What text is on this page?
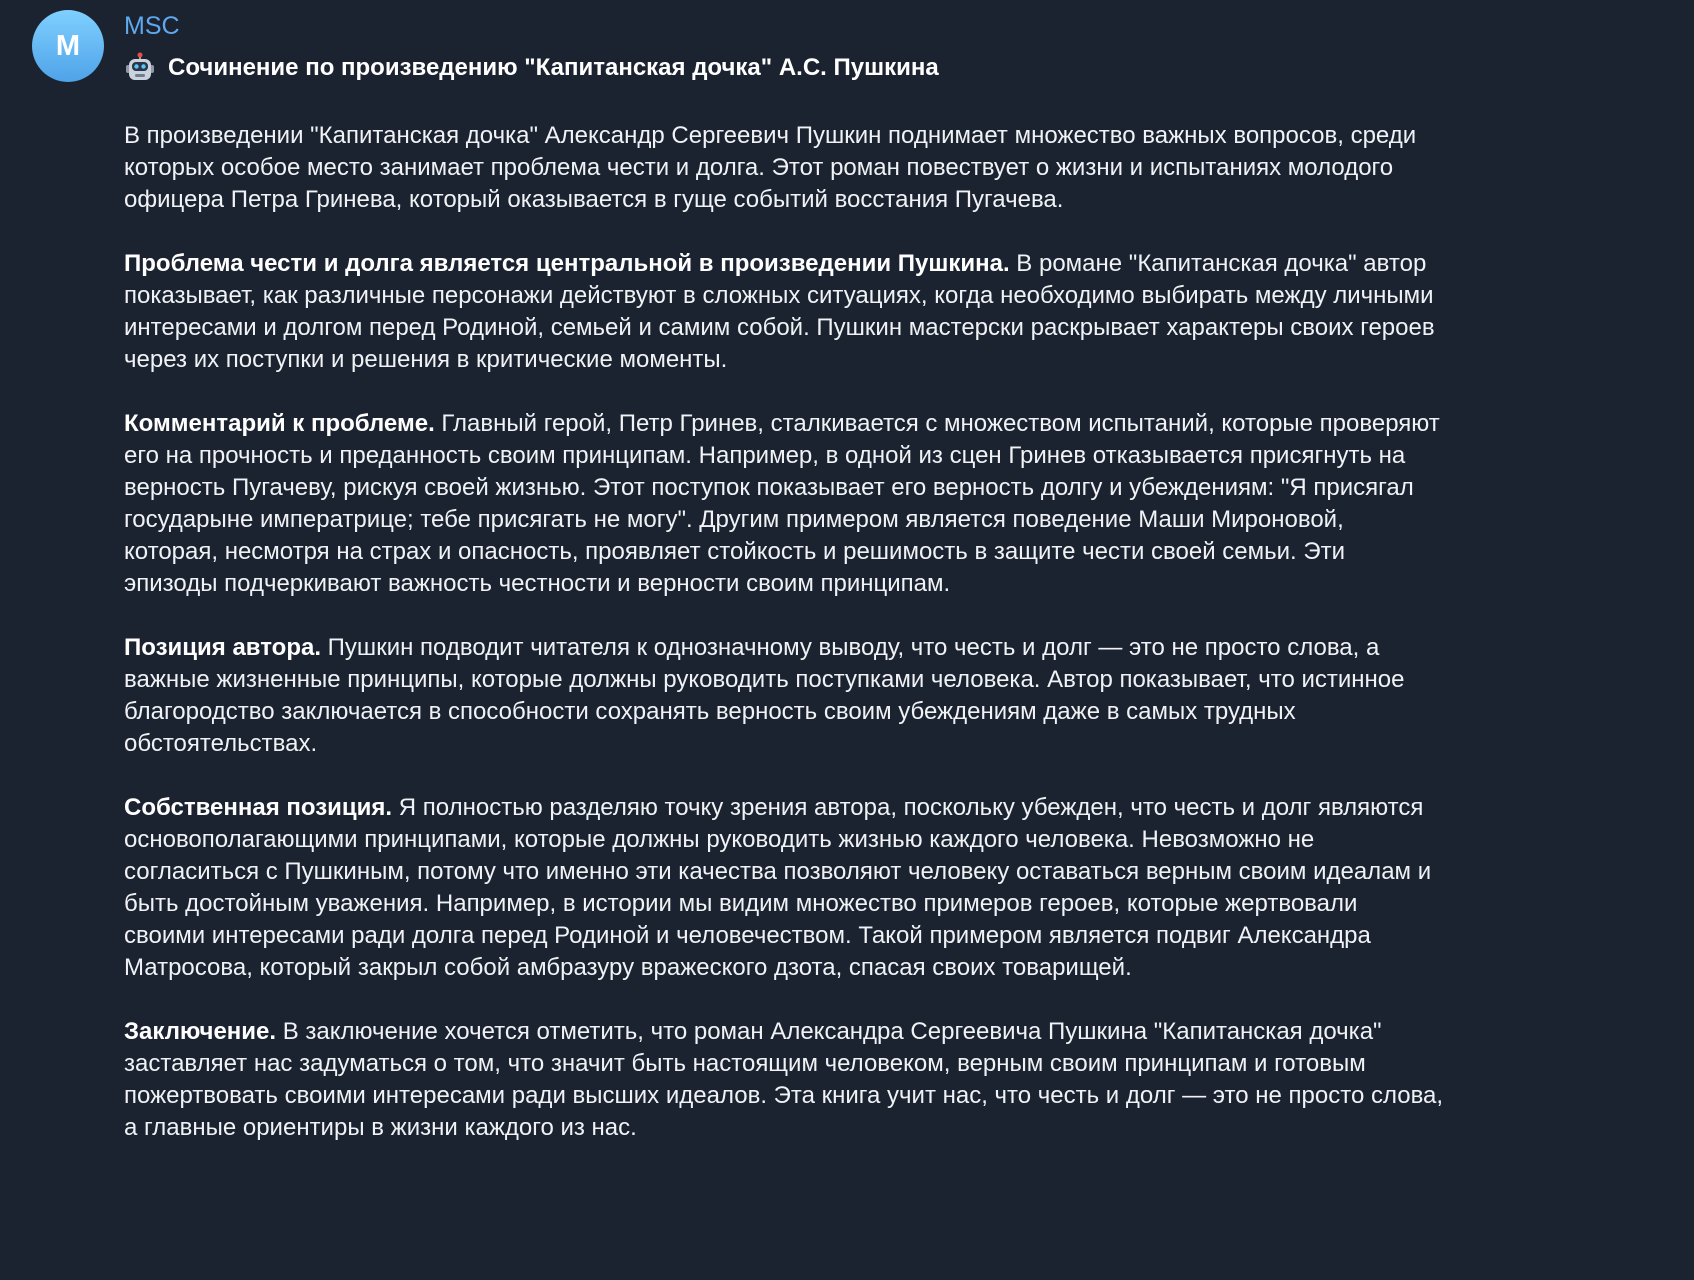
M
MSC
Сочинение по произведению "Капитанская дочка" А.С. Пушкина

В произведении "Капитанская дочка" Александр Сергеевич Пушкин поднимает множество важных вопросов, среди которых особое место занимает проблема чести и долга. Этот роман повествует о жизни и испытаниях молодого офицера Петра Гринева, который оказывается в гуще событий восстания Пугачева.

Проблема чести и долга является центральной в произведении Пушкина. В романе "Капитанская дочка" автор показывает, как различные персонажи действуют в сложных ситуациях, когда необходимо выбирать между личными интересами и долгом перед Родиной, семьей и самим собой. Пушкин мастерски раскрывает характеры своих героев через их поступки и решения в критические моменты.

Комментарий к проблеме. Главный герой, Петр Гринев, сталкивается с множеством испытаний, которые проверяют его на прочность и преданность своим принципам. Например, в одной из сцен Гринев отказывается присягнуть на верность Пугачеву, рискуя своей жизнью. Этот поступок показывает его верность долгу и убеждениям: "Я присягал государыне императрице; тебе присягать не могу". Другим примером является поведение Маши Мироновой, которая, несмотря на страх и опасность, проявляет стойкость и решимость в защите чести своей семьи. Эти эпизоды подчеркивают важность честности и верности своим принципам.

Позиция автора. Пушкин подводит читателя к однозначному выводу, что честь и долг — это не просто слова, а важные жизненные принципы, которые должны руководить поступками человека. Автор показывает, что истинное благородство заключается в способности сохранять верность своим убеждениям даже в самых трудных обстоятельствах.

Собственная позиция. Я полностью разделяю точку зрения автора, поскольку убежден, что честь и долг являются основополагающими принципами, которые должны руководить жизнью каждого человека. Невозможно не согласиться с Пушкиным, потому что именно эти качества позволяют человеку оставаться верным своим идеалам и быть достойным уважения. Например, в истории мы видим множество примеров героев, которые жертвовали своими интересами ради долга перед Родиной и человечеством. Такой примером является подвиг Александра Матросова, который закрыл собой амбразуру вражеского дзота, спасая своих товарищей.

Заключение. В заключение хочется отметить, что роман Александра Сергеевича Пушкина "Капитанская дочка" заставляет нас задуматься о том, что значит быть настоящим человеком, верным своим принципам и готовым пожертвовать своими интересами ради высших идеалов. Эта книга учит нас, что честь и долг — это не просто слова, а главные ориентиры в жизни каждого из нас.
